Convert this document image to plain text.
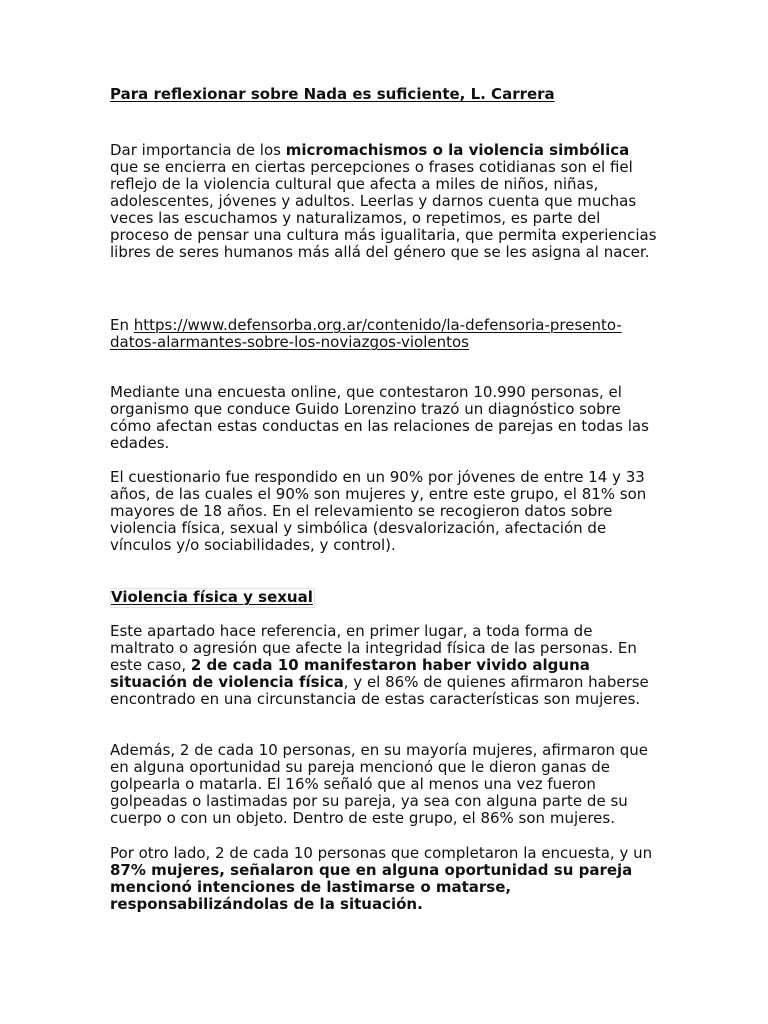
Para reflexionar sobre Nada es suficiente, L. Carrera

Dar importancia de los micromachismos o la violencia simbólica que se encierra en ciertas percepciones o frases cotidianas son el fiel reflejo de la violencia cultural que afecta a miles de niños, niñas, adolescentes, jóvenes y adultos. Leerlas y darnos cuenta que muchas veces las escuchamos y naturalizamos, o repetimos, es parte del proceso de pensar una cultura más igualitaria, que permita experiencias libres de seres humanos más allá del género que se les asigna al nacer.

En https://www.defensorba.org.ar/contenido/la-defensoria-presento-datos-alarmantes-sobre-los-noviazgos-violentos

Mediante una encuesta online, que contestaron 10.990 personas, el organismo que conduce Guido Lorenzino trazó un diagnóstico sobre cómo afectan estas conductas en las relaciones de parejas en todas las edades.

El cuestionario fue respondido en un 90% por jóvenes de entre 14 y 33 años, de las cuales el 90% son mujeres y, entre este grupo, el 81% son mayores de 18 años. En el relevamiento se recogieron datos sobre violencia física, sexual y simbólica (desvalorización, afectación de vínculos y/o sociabilidades, y control).

Violencia física y sexual

Este apartado hace referencia, en primer lugar, a toda forma de maltrato o agresión que afecte la integridad física de las personas. En este caso, 2 de cada 10 manifestaron haber vivido alguna situación de violencia física, y el 86% de quienes afirmaron haberse encontrado en una circunstancia de estas características son mujeres.

Además, 2 de cada 10 personas, en su mayoría mujeres, afirmaron que en alguna oportunidad su pareja mencionó que le dieron ganas de golpearla o matarla. El 16% señaló que al menos una vez fueron golpeadas o lastimadas por su pareja, ya sea con alguna parte de su cuerpo o con un objeto. Dentro de este grupo, el 86% son mujeres.

Por otro lado, 2 de cada 10 personas que completaron la encuesta, y un 87% mujeres, señalaron que en alguna oportunidad su pareja mencionó intenciones de lastimarse o matarse, responsabilizándolas de la situación.
